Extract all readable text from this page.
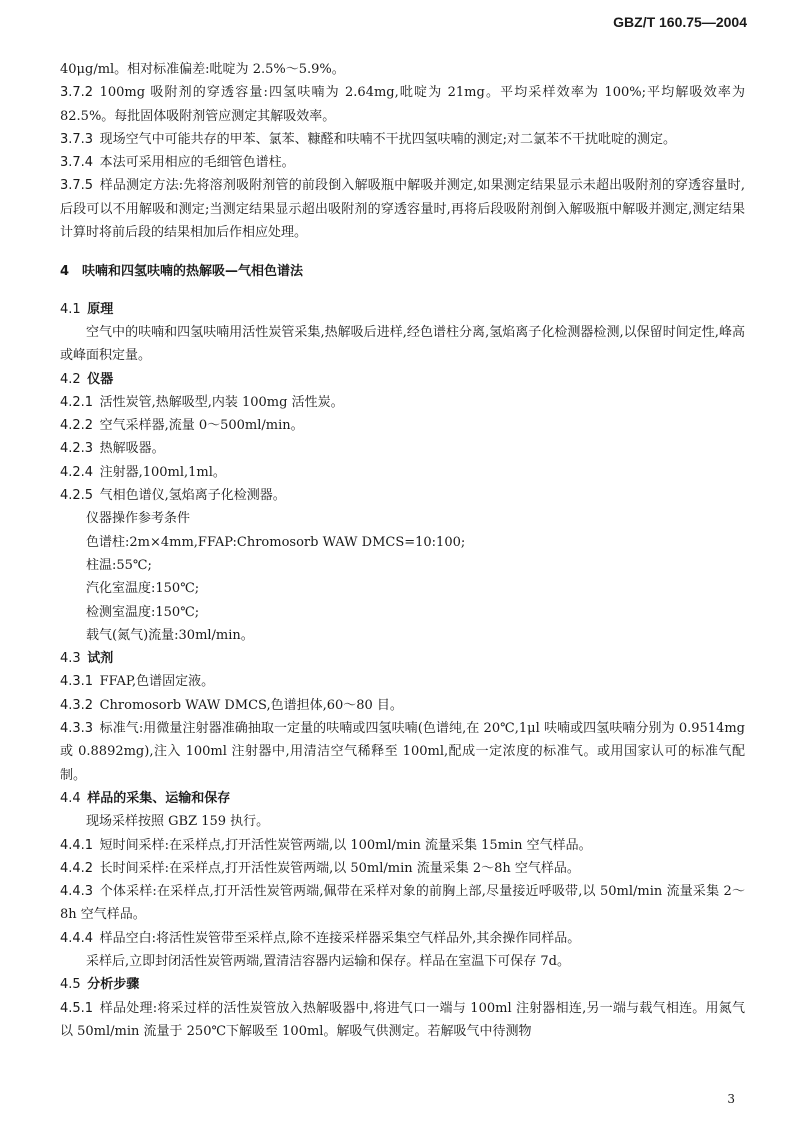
GBZ/T 160.75—2004

40μg/ml。相对标准偏差:吡啶为 2.5%～5.9%。

3.7.2  100mg 吸附剂的穿透容量:四氢呋喃为 2.64mg,吡啶为 21mg。平均采样效率为 100%;平均解吸效率为 82.5%。每批固体吸附剂管应测定其解吸效率。

3.7.3  现场空气中可能共存的甲苯、氯苯、糠醛和呋喃不干扰四氢呋喃的测定;对二氯苯不干扰吡啶的测定。

3.7.4  本法可采用相应的毛细管色谱柱。

3.7.5  样品测定方法:先将溶剂吸附剂管的前段倒入解吸瓶中解吸并测定,如果测定结果显示未超出吸附剂的穿透容量时,后段可以不用解吸和测定;当测定结果显示超出吸附剂的穿透容量时,再将后段吸附剂倒入解吸瓶中解吸并测定,测定结果计算时将前后段的结果相加后作相应处理。

4  呋喃和四氢呋喃的热解吸—气相色谱法

4.1  原理

空气中的呋喃和四氢呋喃用活性炭管采集,热解吸后进样,经色谱柱分离,氢焰离子化检测器检测,以保留时间定性,峰高或峰面积定量。

4.2  仪器

4.2.1  活性炭管,热解吸型,内装 100mg 活性炭。

4.2.2  空气采样器,流量 0～500ml/min。

4.2.3  热解吸器。

4.2.4  注射器,100ml,1ml。

4.2.5  气相色谱仪,氢焰离子化检测器。

仪器操作参考条件

色谱柱:2m×4mm,FFAP:Chromosorb WAW DMCS=10:100;

柱温:55℃;

汽化室温度:150℃;

检测室温度:150℃;

载气(氮气)流量:30ml/min。

4.3  试剂

4.3.1  FFAP,色谱固定液。

4.3.2  Chromosorb WAW DMCS,色谱担体,60～80 目。

4.3.3  标准气:用微量注射器准确抽取一定量的呋喃或四氢呋喃(色谱纯,在 20℃,1μl 呋喃或四氢呋喃分别为 0.9514mg 或 0.8892mg),注入 100ml 注射器中,用清洁空气稀释至 100ml,配成一定浓度的标准气。或用国家认可的标准气配制。

4.4  样品的采集、运输和保存

现场采样按照 GBZ 159 执行。

4.4.1  短时间采样:在采样点,打开活性炭管两端,以 100ml/min 流量采集 15min 空气样品。

4.4.2  长时间采样:在采样点,打开活性炭管两端,以 50ml/min 流量采集 2～8h 空气样品。

4.4.3  个体采样:在采样点,打开活性炭管两端,佩带在采样对象的前胸上部,尽量接近呼吸带,以 50ml/min 流量采集 2～8h 空气样品。

4.4.4  样品空白:将活性炭管带至采样点,除不连接采样器采集空气样品外,其余操作同样品。

采样后,立即封闭活性炭管两端,置清洁容器内运输和保存。样品在室温下可保存 7d。

4.5  分析步骤

4.5.1  样品处理:将采过样的活性炭管放入热解吸器中,将进气口一端与 100ml 注射器相连,另一端与载气相连。用氮气以 50ml/min 流量于 250℃下解吸至 100ml。解吸气供测定。若解吸气中待测物

3
